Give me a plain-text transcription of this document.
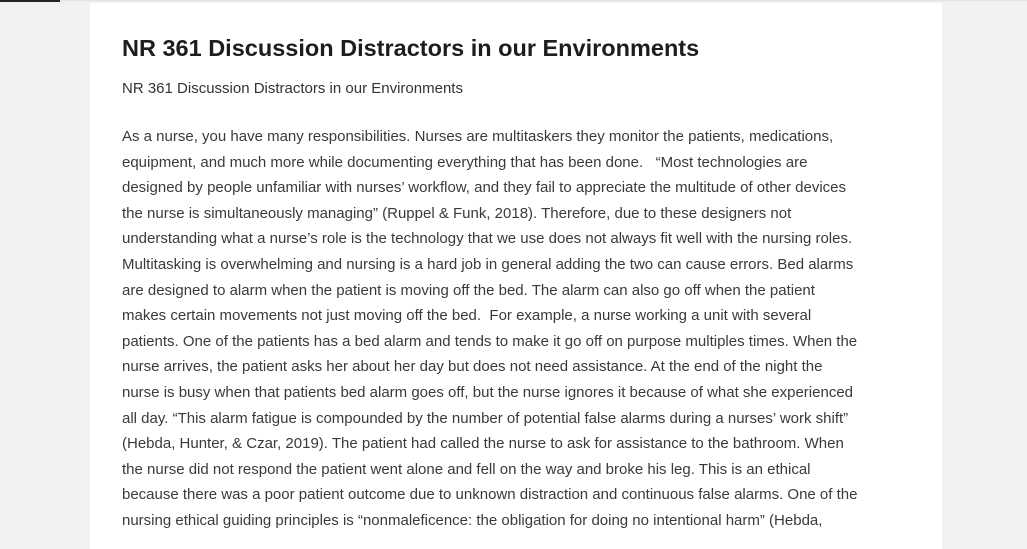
NR 361 Discussion Distractors in our Environments

NR 361 Discussion Distractors in our Environments

As a nurse, you have many responsibilities. Nurses are multitaskers they monitor the patients, medications,
equipment, and much more while documenting everything that has been done.   “Most technologies are
designed by people unfamiliar with nurses’ workflow, and they fail to appreciate the multitude of other devices
the nurse is simultaneously managing” (Ruppel & Funk, 2018). Therefore, due to these designers not
understanding what a nurse’s role is the technology that we use does not always fit well with the nursing roles.
Multitasking is overwhelming and nursing is a hard job in general adding the two can cause errors. Bed alarms
are designed to alarm when the patient is moving off the bed. The alarm can also go off when the patient
makes certain movements not just moving off the bed.  For example, a nurse working a unit with several
patients. One of the patients has a bed alarm and tends to make it go off on purpose multiples times. When the
nurse arrives, the patient asks her about her day but does not need assistance. At the end of the night the
nurse is busy when that patients bed alarm goes off, but the nurse ignores it because of what she experienced
all day. “This alarm fatigue is compounded by the number of potential false alarms during a nurses’ work shift”
(Hebda, Hunter, & Czar, 2019). The patient had called the nurse to ask for assistance to the bathroom. When
the nurse did not respond the patient went alone and fell on the way and broke his leg. This is an ethical
because there was a poor patient outcome due to unknown distraction and continuous false alarms. One of the
nursing ethical guiding principles is “nonmaleficence: the obligation for doing no intentional harm” (Hebda,
